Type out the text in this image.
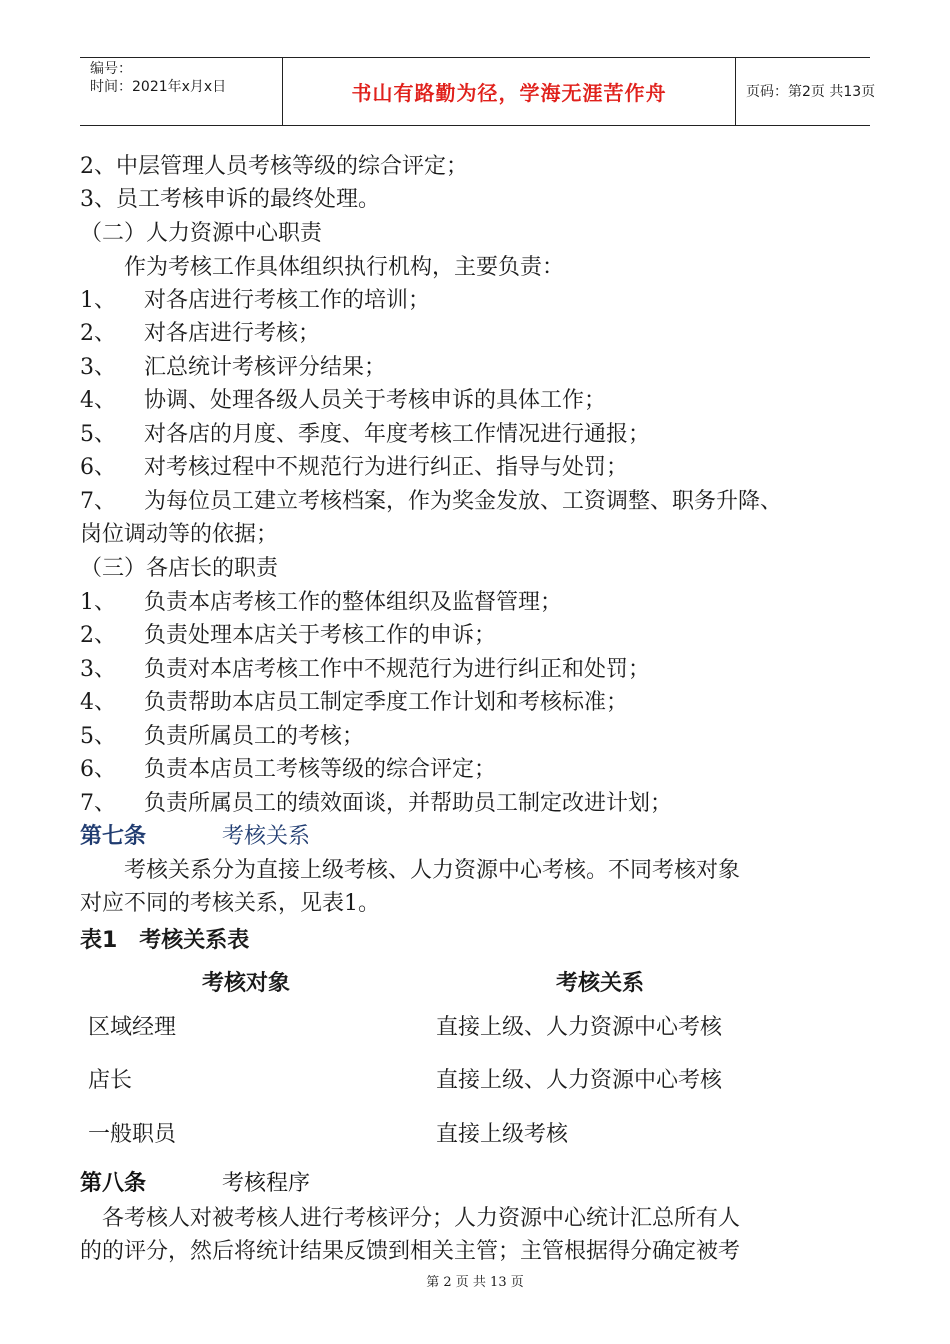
编号：
时间：2021年x月x日	书山有路勤为径，学海无涯苦作舟	页码：第2页 共13页
2、中层管理人员考核等级的综合评定；
3、员工考核申诉的最终处理。
（二）人力资源中心职责
　　作为考核工作具体组织执行机构，主要负责：
1、 对各店进行考核工作的培训；
2、 对各店进行考核；
3、 汇总统计考核评分结果；
4、 协调、处理各级人员关于考核申诉的具体工作；
5、 对各店的月度、季度、年度考核工作情况进行通报；
6、 对考核过程中不规范行为进行纠正、指导与处罚；
7、 为每位员工建立考核档案，作为奖金发放、工资调整、职务升降、
岗位调动等的依据；
（三）各店长的职责
1、 负责本店考核工作的整体组织及监督管理；
2、 负责处理本店关于考核工作的申诉；
3、 负责对本店考核工作中不规范行为进行纠正和处罚；
4、 负责帮助本店员工制定季度工作计划和考核标准；
5、 负责所属员工的考核；
6、 负责本店员工考核等级的综合评定；
7、 负责所属员工的绩效面谈，并帮助员工制定改进计划；
第七条	考核关系
　　考核关系分为直接上级考核、人力资源中心考核。不同考核对象
对应不同的考核关系，见表1。
表1　考核关系表
考核对象	考核关系
区域经理	直接上级、人力资源中心考核
店长	直接上级、人力资源中心考核
一般职员	直接上级考核
第八条	考核程序
　各考核人对被考核人进行考核评分；人力资源中心统计汇总所有人
的的评分，然后将统计结果反馈到相关主管；主管根据得分确定被考
第 2 页 共 13 页
